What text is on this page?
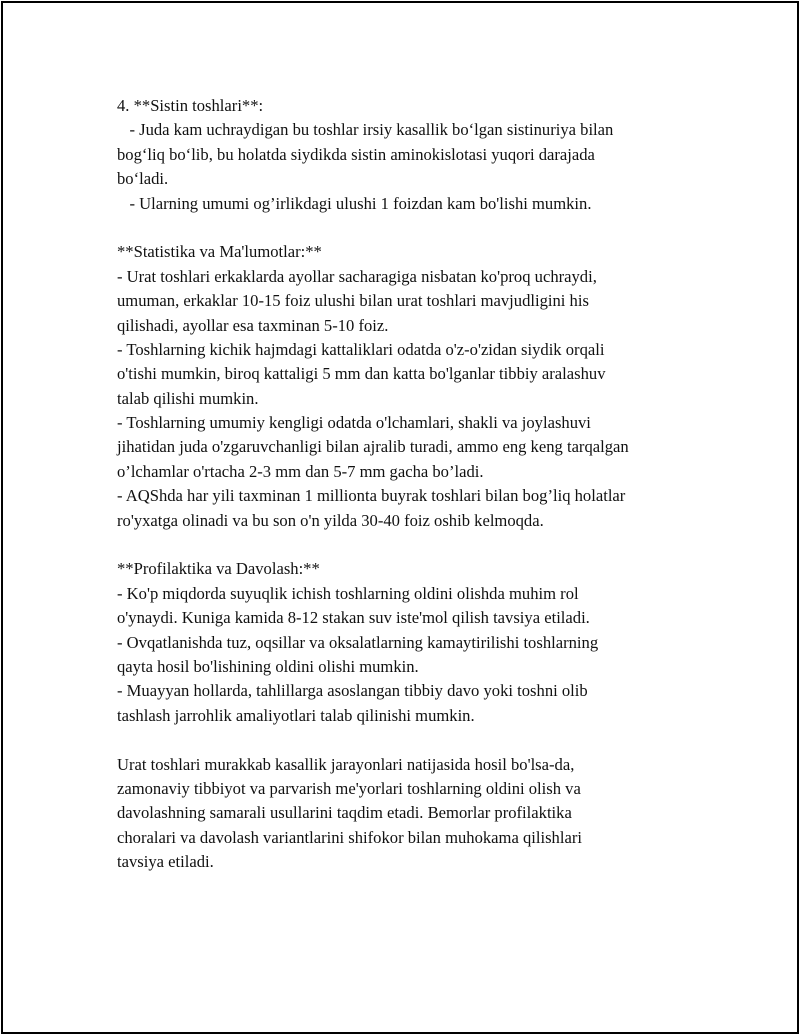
4. **Sistin toshlari**:

- Juda kam uchraydigan bu toshlar irsiy kasallik bo‘lgan sistinuriya bilan

bog‘liq bo‘lib, bu holatda siydikda sistin aminokislotasi yuqori darajada

bo‘ladi.

- Ularning umumi og’irlikdagi ulushi 1 foizdan kam bo'lishi mumkin.

**Statistika va Ma'lumotlar:**

- Urat toshlari erkaklarda ayollar sacharagiga nisbatan ko'proq uchraydi,

umuman, erkaklar 10-15 foiz ulushi bilan urat toshlari mavjudligini his

qilishadi, ayollar esa taxminan 5-10 foiz.

- Toshlarning kichik hajmdagi kattaliklari odatda o'z-o'zidan siydik orqali

o'tishi mumkin, biroq kattaligi 5 mm dan katta bo'lganlar tibbiy aralashuv

talab qilishi mumkin.

- Toshlarning umumiy kengligi odatda o'lchamlari, shakli va joylashuvi

jihatidan juda o'zgaruvchanligi bilan ajralib turadi, ammo eng keng tarqalgan

o’lchamlar o'rtacha 2-3 mm dan 5-7 mm gacha bo’ladi.

- AQShda har yili taxminan 1 millionta buyrak toshlari bilan bog’liq holatlar

ro'yxatga olinadi va bu son o'n yilda 30-40 foiz oshib kelmoqda.

**Profilaktika va Davolash:**

- Ko'p miqdorda suyuqlik ichish toshlarning oldini olishda muhim rol

o'ynaydi. Kuniga kamida 8-12 stakan suv iste'mol qilish tavsiya etiladi.

- Ovqatlanishda tuz, oqsillar va oksalatlarning kamaytirilishi toshlarning

qayta hosil bo'lishining oldini olishi mumkin.

- Muayyan hollarda, tahlillarga asoslangan tibbiy davo yoki toshni olib

tashlash jarrohlik amaliyotlari talab qilinishi mumkin.

Urat toshlari murakkab kasallik jarayonlari natijasida hosil bo'lsa-da,

zamonaviy tibbiyot va parvarish me'yorlari toshlarning oldini olish va

davolashning samarali usullarini taqdim etadi. Bemorlar profilaktika

choralari va davolash variantlarini shifokor bilan muhokama qilishlari

tavsiya etiladi.
